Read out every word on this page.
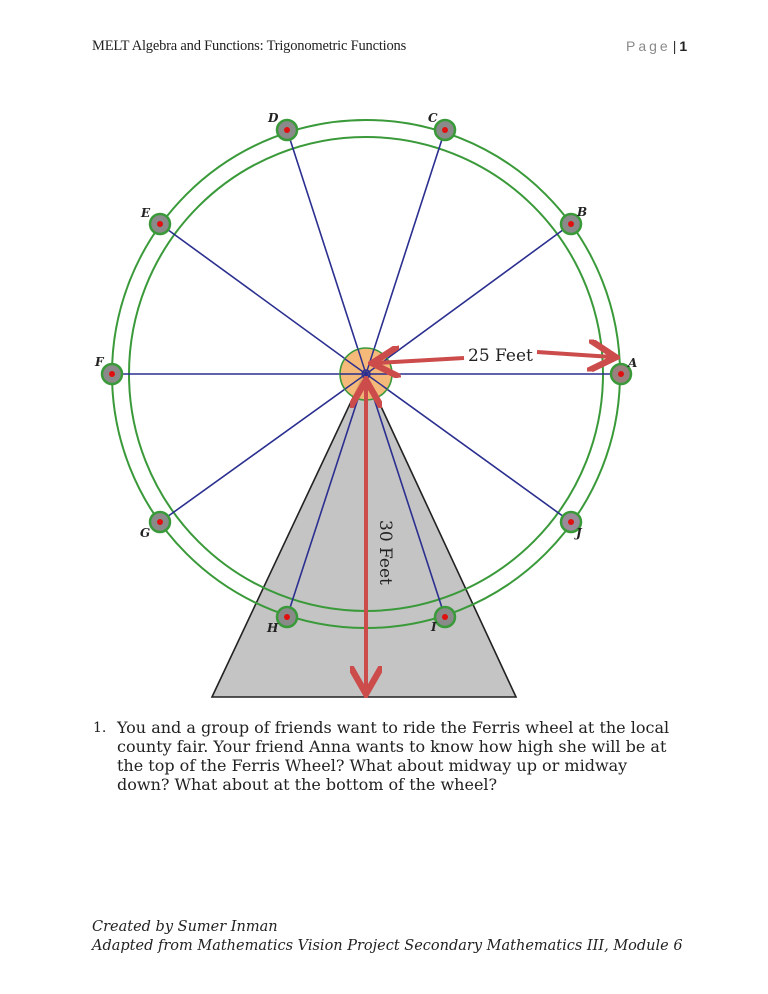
MELT Algebra and Functions: Trigonometric Functions	Page | 1
A
B
C
D
E
F
G
H	I
J
25 Feet
30 Feet
1. You and a group of friends want to ride the Ferris wheel at the local county fair. Your friend Anna wants to know how high she will be at the top of the Ferris Wheel? What about midway up or midway down? What about at the bottom of the wheel?
Created by Sumer Inman
Adapted from Mathematics Vision Project Secondary Mathematics III, Module 6
